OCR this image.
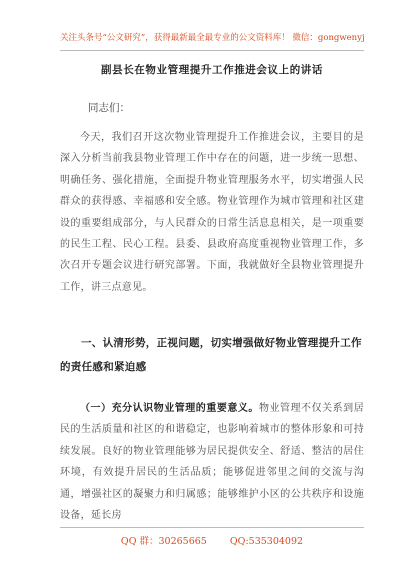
关注头条号“公文研究”，获得最新最全最专业的公文资料库！ 微信：gongwenyj
副县长在物业管理提升工作推进会议上的讲话
同志们：
今天，我们召开这次物业管理提升工作推进会议，主要目的是深入分析当前我县物业管理工作中存在的问题，进一步统一思想、明确任务、强化措施，全面提升物业管理服务水平，切实增强人民群众的获得感、幸福感和安全感。物业管理作为城市管理和社区建设的重要组成部分，与人民群众的日常生活息息相关，是一项重要的民生工程、民心工程。县委、县政府高度重视物业管理工作，多次召开专题会议进行研究部署。下面，我就做好全县物业管理提升工作，讲三点意见。
一、认清形势，正视问题，切实增强做好物业管理提升工作的责任感和紧迫感
（一）充分认识物业管理的重要意义。物业管理不仅关系到居民的生活质量和社区的和谐稳定，也影响着城市的整体形象和可持续发展。良好的物业管理能够为居民提供安全、舒适、整洁的居住环境，有效提升居民的生活品质；能够促进邻里之间的交流与沟通，增强社区的凝聚力和归属感；能够维护小区的公共秩序和设施设备，延长房
QQ 群：30265665 QQ:535304092
